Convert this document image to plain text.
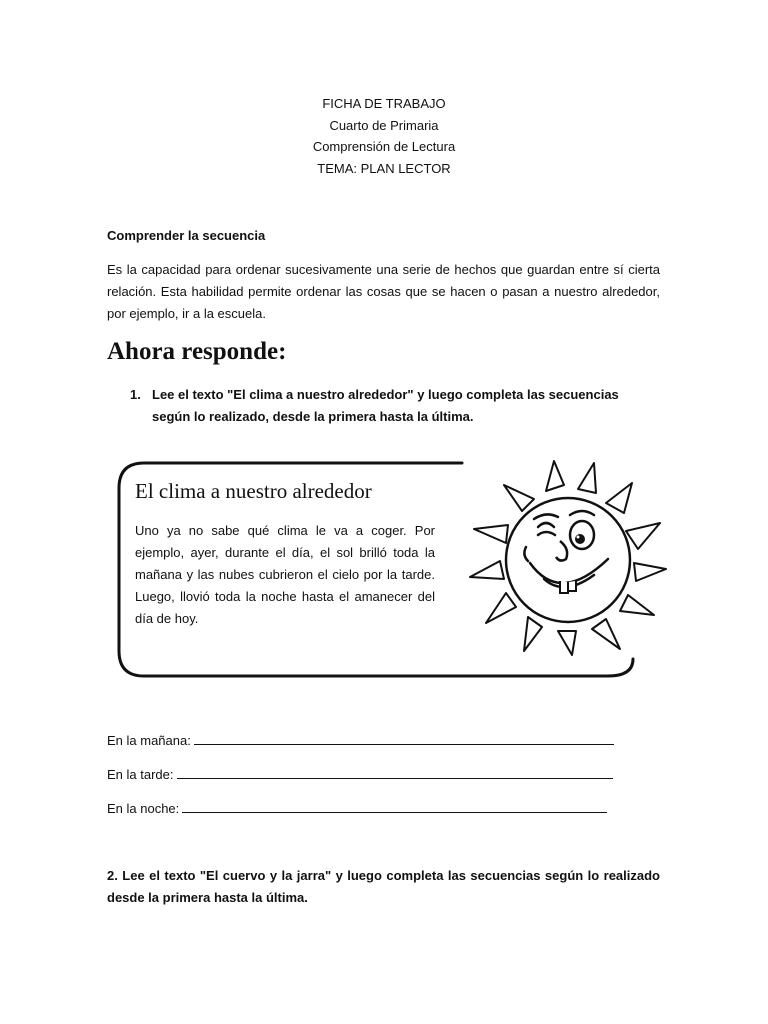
FICHA DE TRABAJO
Cuarto de Primaria
Comprensión de Lectura
TEMA: PLAN LECTOR
Comprender la secuencia
Es la capacidad para ordenar sucesivamente una serie de hechos que guardan entre sí cierta relación. Esta habilidad permite ordenar las cosas que se hacen o pasan a nuestro alrededor, por ejemplo, ir a la escuela.
Ahora responde:
1. Lee el texto "El clima a nuestro alrededor" y luego completa las secuencias según lo realizado, desde la primera hasta la última.
El clima a nuestro alrededor
Uno ya no sabe qué clima le va a coger. Por ejemplo, ayer, durante el día, el sol brilló toda la mañana y las nubes cubrieron el cielo por la tarde. Luego, llovió toda la noche hasta el amanecer del día de hoy.
En la mañana:
En la tarde:
En la noche:
2. Lee el texto "El cuervo y la jarra" y luego completa las secuencias según lo realizado desde la primera hasta la última.
